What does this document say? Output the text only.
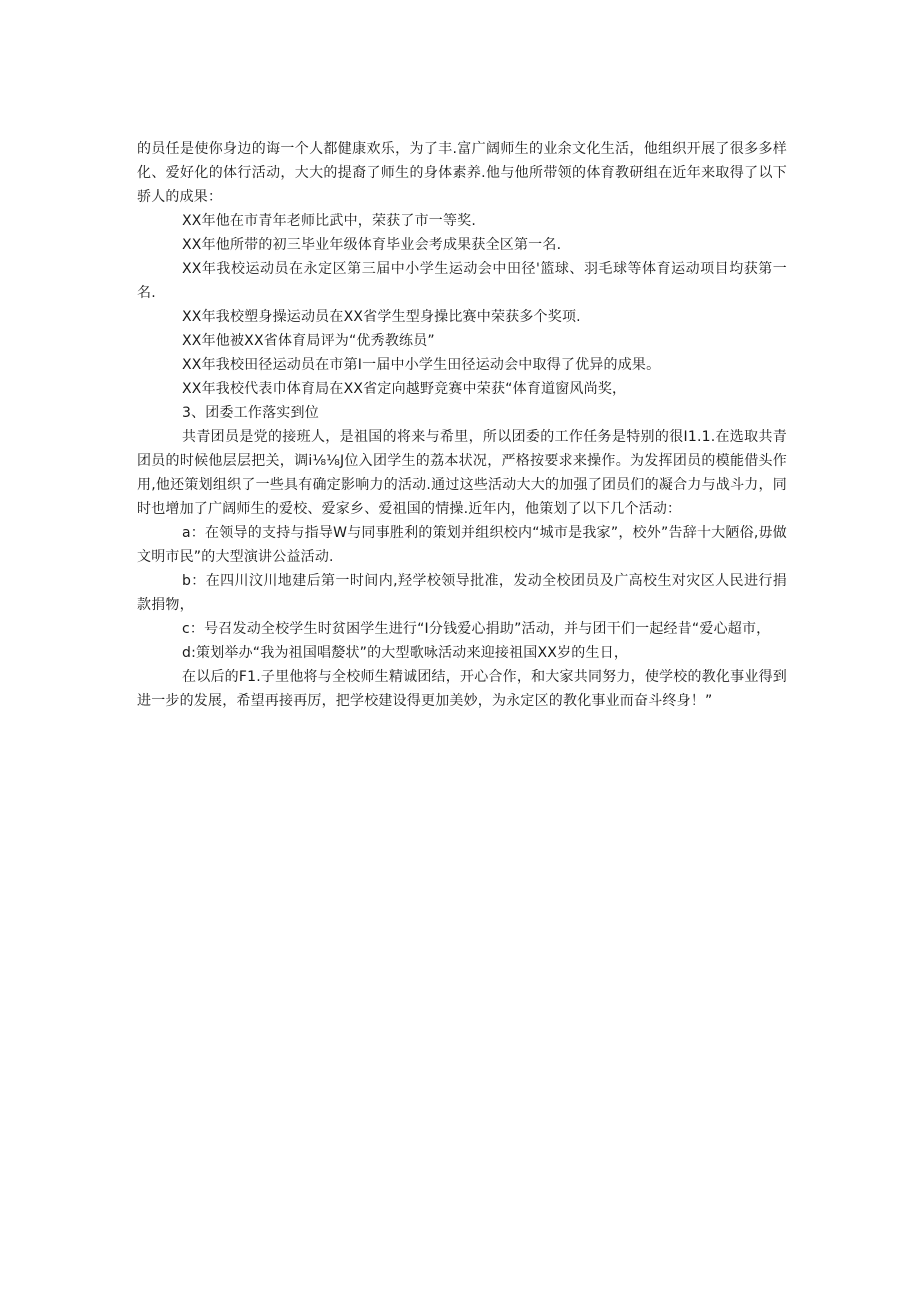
的员任是使你身边的诲一个人都健康欢乐，为了丰.富广阔师生的业余文化生活，他组织开展了很多多样化、爱好化的体行活动，大大的提裔了师生的身体素养.他与他所带领的体育教研组在近年来取得了以下骄人的成果：

XX年他在市青年老师比武中，荣获了市一等奖.

XX年他所带的初三毕业年级体育毕业会考成果获全区第一名.

XX年我校运动员在永定区第三届中小学生运动会中田径'篮球、羽毛球等体育运动项目均获第一名.

XX年我校塑身操运动员在XX省学生型身操比赛中荣获多个奖项.

XX年他被XX省体育局评为“优秀教练员”

XX年我校田径运动员在市第I一届中小学生田径运动会中取得了优异的成果。

XX年我校代表巾体育局在XX省定向越野竞赛中荣获“体育道窗风尚奖，

3、团委工作落实到位

共青团员是党的接班人，是祖国的将来与希里，所以团委的工作任务是特别的很I1.1.在选取共青团员的时候他层层把关，调i⅛⅛J位入团学生的荔本状况，严格按要求来操作。为发挥团员的模能借头作用,他还策划组织了一些具有确定影响力的活动.通过这些活动大大的加强了团员们的凝合力与战斗力，同时也增加了广阔师生的爱校、爱家乡、爱祖国的情操.近年内，他策划了以下几个活动：

a：在领导的支持与指导W与同事胜利的策划并组织校内“城市是我家”，校外”告辞十大陋俗,毋做文明市民”的大型演讲公益活动.

b：在四川汶川地建后第一时间内,羟学校领导批准，发动全校团员及广高校生对灾区人民进行捐款捐物，

c：号召发动全校学生时贫困学生进行“I分钱爱心捐助”活动，并与团干们一起经昔“爱心超市，

d:策划举办“我为祖国唱嫠状”的大型歌咏活动来迎接祖国XX岁的生日，

在以后的F1.子里他将与全校师生精诚团结，开心合作，和大家共同努力，使学校的教化事业得到进一步的发展，希望再接再厉，把学校建设得更加美妙，为永定区的教化事业而奋斗终身！”
